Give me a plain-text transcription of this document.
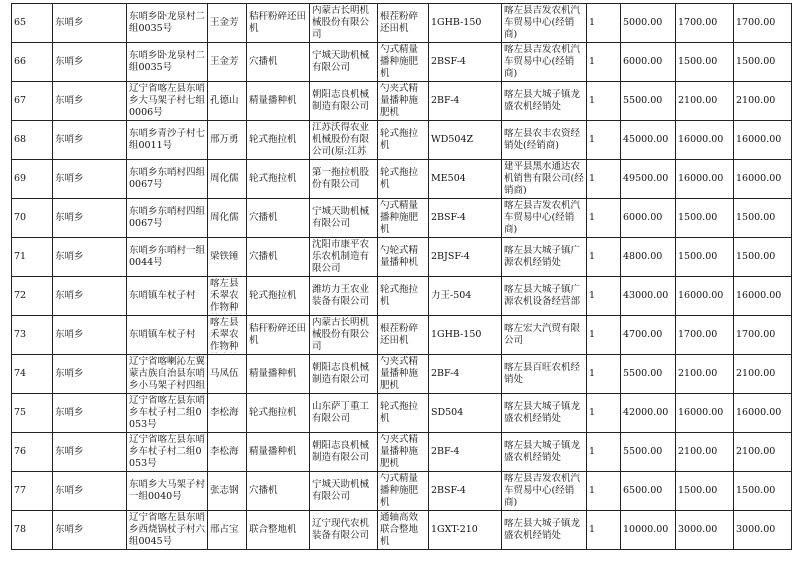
65	东哨乡	东哨乡卧龙泉村二组0035号	王金芳	秸秆粉碎还田机	内蒙古长明机械股份有限公司	根茬粉碎还田机	1GHB-150	喀左县吉发农机汽车贸易中心(经销商)	1	5000.00	1700.00	1700.00

66	东哨乡	东哨乡卧龙泉村二组0035号	王金芳	穴播机	宁城天助机械有限公司	勺式精量播种施肥机	2BSF-4	喀左县吉发农机汽车贸易中心(经销商)	1	6000.00	1500.00	1500.00

67	东哨乡	辽宁省喀左县东哨乡大马架子村七组0006号	孔德山	精量播种机	朝阳志良机械制造有限公司	勺夹式精量播种施肥机	2BF-4	喀左县大城子镇龙盛农机经销处	1	5500.00	2100.00	2100.00

68	东哨乡	东哨乡青沙子村七组0011号	邢万勇	轮式拖拉机	江苏沃得农业机械股份有限公司(原:江苏	轮式拖拉机	WD504Z	喀左县农丰农资经销处(经销商)	1	45000.00	16000.00	16000.00

69	东哨乡	东哨乡东哨村四组0067号	周化儒	轮式拖拉机	第一拖拉机股份有限公司	轮式拖拉机	ME504	建平县黑水通达农机销售有限公司(经销商)	1	49500.00	16000.00	16000.00

70	东哨乡	东哨乡东哨村四组0067号	周化儒	穴播机	宁城天助机械有限公司	勺式精量播种施肥机	2BSF-4	喀左县吉发农机汽车贸易中心(经销商)	1	6000.00	1500.00	1500.00

71	东哨乡	东哨乡东哨村一组0044号	梁铁锤	穴播机	沈阳市康平农乐农机制造有限公司	勺轮式精量播种机	2BJSF-4	喀左县大城子镇广源农机经销处	1	4800.00	1500.00	1500.00

72	东哨乡	东哨镇车杖子村	喀左县禾翠农作物种	轮式拖拉机	潍坊力王农业装备有限公司	轮式拖拉机	力王-504	喀左县大城子镇广源农机设备经营部	1	43000.00	16000.00	16000.00

73	东哨乡	东哨镇车杖子村	喀左县禾翠农作物种	秸秆粉碎还田机	内蒙古长明机械股份有限公司	根茬粉碎还田机	1GHB-150	喀左宏大汽贸有限公司	1	4700.00	1700.00	1700.00

74	东哨乡	辽宁省喀喇沁左翼蒙古族自治县东哨乡小马架子村四组	马凤伍	精量播种机	朝阳志良机械制造有限公司	勺夹式精量播种施肥机	2BF-4	喀左县百旺农机经销处	1	5500.00	2100.00	2100.00

75	东哨乡	辽宁省喀左县东哨乡车杖子村二组0053号	李松海	轮式拖拉机	山东萨丁重工有限公司	轮式拖拉机	SD504	喀左县大城子镇龙盛农机经销处	1	42000.00	16000.00	16000.00

76	东哨乡	辽宁省喀左县东哨乡车杖子村二组0053号	李松海	精量播种机	朝阳志良机械制造有限公司	勺夹式精量播种施肥机	2BF-4	喀左县大城子镇龙盛农机经销处	1	5500.00	2100.00	2100.00

77	东哨乡	东哨乡大马架子村一组0040号	张志钢	穴播机	宁城天助机械有限公司	勺式精量播种施肥机	2BSF-4	喀左县吉发农机汽车贸易中心(经销商)	1	6500.00	1500.00	1500.00

78	东哨乡	辽宁省喀左县东哨乡西烧锅杖子村六组0045号	邢占宝	联合整地机	辽宁现代农机装备有限公司	通轴高效联合整地机	1GXT-210	喀左县大城子镇龙盛农机经销处	1	10000.00	3000.00	3000.00
